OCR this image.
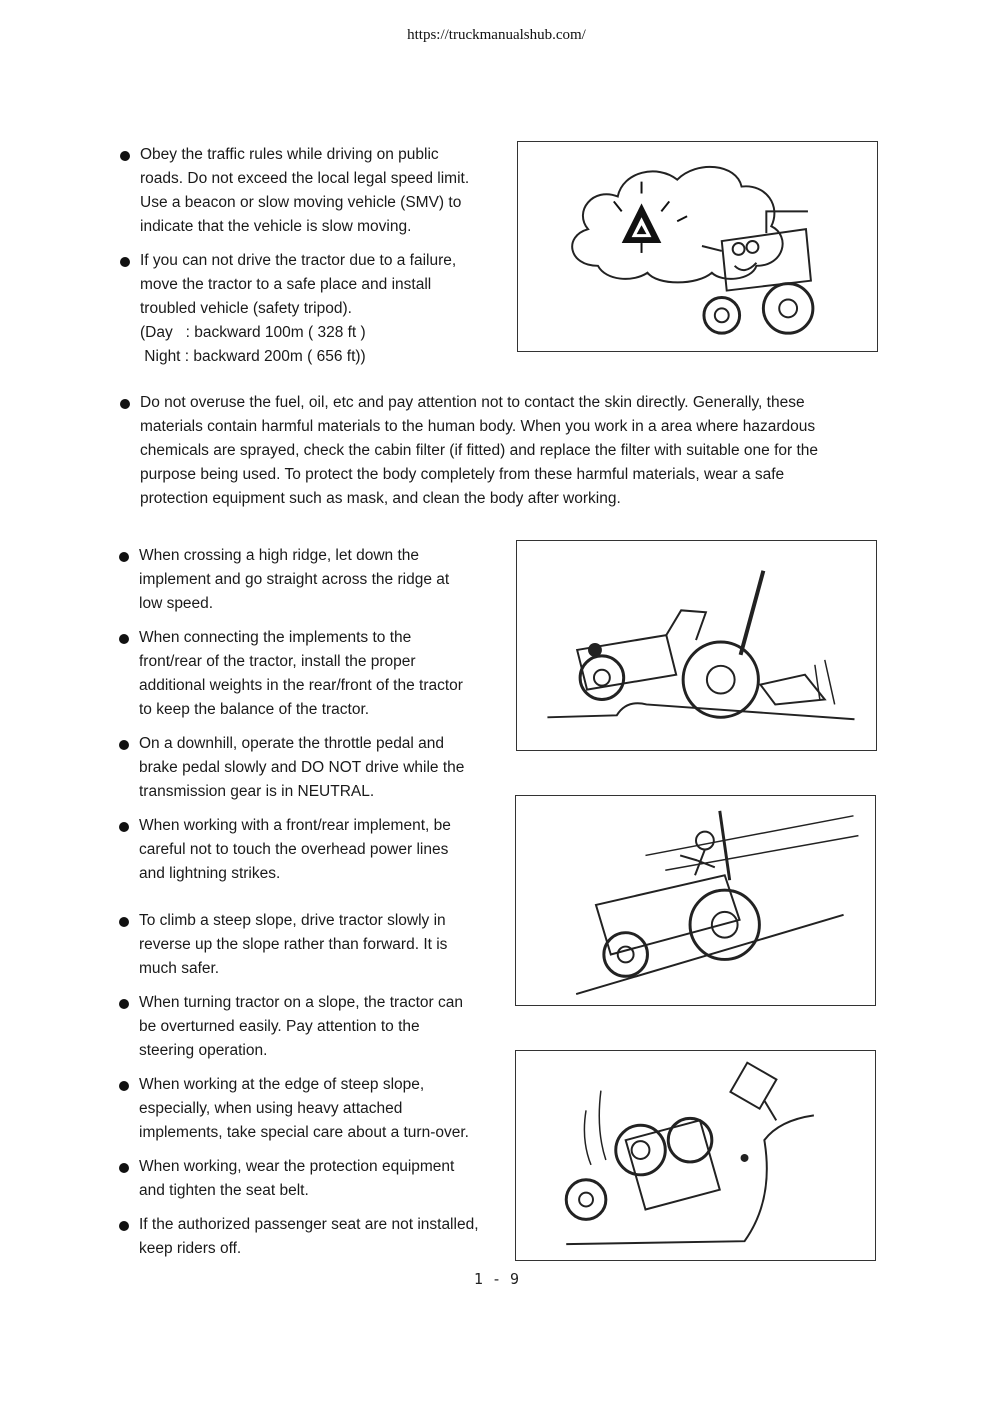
https://truckmanualshub.com/
Obey the traffic rules while driving on public
roads. Do not exceed the local legal speed limit.
Use a beacon or slow moving vehicle (SMV) to
indicate that the vehicle is slow moving.
If you can not drive the tractor due to a failure,
move the tractor to a safe place and install
troubled vehicle (safety tripod).
(Day   : backward 100m ( 328 ft )
Night : backward 200m ( 656 ft))
Do not overuse the fuel, oil, etc and pay attention not to contact the skin directly. Generally, these
materials contain harmful materials to the human body. When you work in a area where hazardous
chemicals are sprayed, check the cabin filter (if fitted) and replace the filter with suitable one for the
purpose being used. To protect the body completely from these harmful materials, wear a safe
protection equipment such as mask, and clean the body after working.
When crossing a high ridge, let down the
implement and go straight across the ridge at
low speed.
When connecting the implements to the
front/rear of the tractor, install the proper
additional weights in the rear/front of the tractor
to keep the balance of the tractor.
On a downhill, operate the throttle pedal and
brake pedal slowly and DO NOT drive while the
transmission gear is in NEUTRAL.
When working with a front/rear implement, be
careful not to touch the overhead power lines
and lightning strikes.
To climb a steep slope, drive tractor slowly in
reverse up the slope rather than forward. It is
much safer.
When turning tractor on a slope, the tractor can
be overturned easily. Pay attention to the
steering operation.
When working at the edge of steep slope,
especially, when using heavy attached
implements, take special care about a turn-over.
When working, wear the protection equipment
and tighten the seat belt.
If the authorized passenger seat are not installed,
keep riders off.
1 - 9
